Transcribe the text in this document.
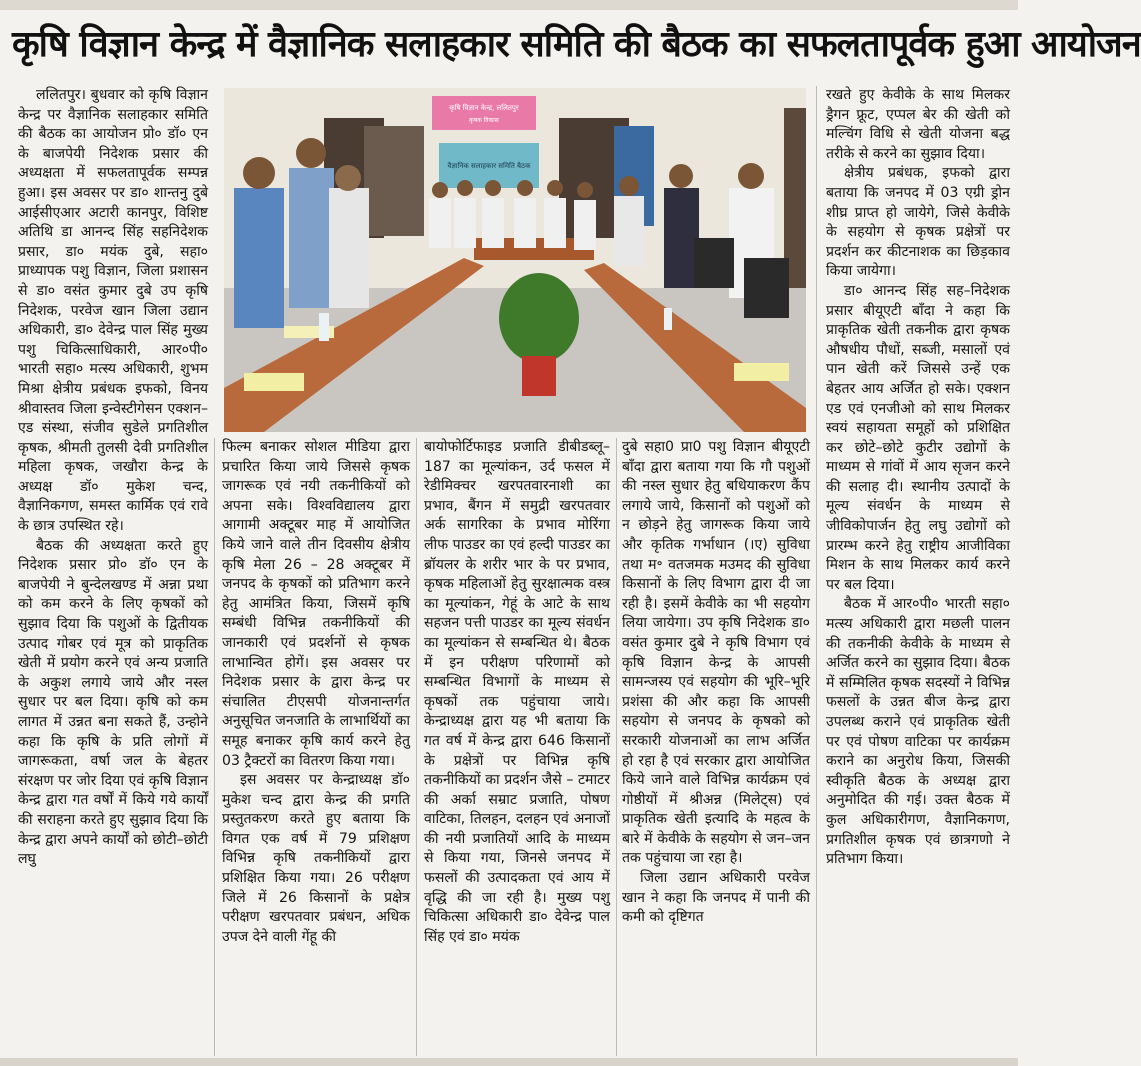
कृषि विज्ञान केन्द्र में वैज्ञानिक सलाहकार समिति की बैठक का सफलतापूर्वक हुआ आयोजन
कृषि विज्ञान केन्द्र, ललितपुर
कृषक विकास
वैज्ञानिक सलाहकार समिति बैठक

ललितपुर। बुधवार को कृषि विज्ञान केन्द्र पर वैज्ञानिक सलाहकार समिति की बैठक का आयोजन प्रो० डॉ० एन के बाजपेयी निदेशक प्रसार की अध्यक्षता में सफलतापूर्वक सम्पन्न हुआ। इस अवसर पर डा० शान्तनु दुबे आईसीएआर अटारी कानपुर, विशिष्ट अतिथि डा आनन्द सिंह सहनिदेशक प्रसार, डा० मयंक दुबे, सहा० प्राध्यापक पशु विज्ञान, जिला प्रशासन से डा० वसंत कुमार दुबे उप कृषि निदेशक, परवेज खान जिला उद्यान अधिकारी, डा० देवेन्द्र पाल सिंह मुख्य पशु चिकित्साधिकारी, आर०पी० भारती सहा० मत्स्य अधिकारी, शुभम मिश्रा क्षेत्रीय प्रबंधक इफको, विनय श्रीवास्तव जिला इन्वेस्टीगेसन एक्शन–एड संस्था, संजीव सुडेले प्रगतिशील कृषक, श्रीमती तुलसी देवी प्रगतिशील महिला कृषक, जखौरा केन्द्र के अध्यक्ष डॉ० मुकेश चन्द, वैज्ञानिकगण, समस्त कार्मिक एवं रावे के छात्र उपस्थित रहे।

बैठक की अध्यक्षता करते हुए निदेशक प्रसार प्रो० डॉ० एन के बाजपेयी ने बुन्देलखण्ड में अन्ना प्रथा को कम करने के लिए कृषकों को सुझाव दिया कि पशुओं के द्वितीयक उत्पाद गोबर एवं मूत्र को प्राकृतिक खेती में प्रयोग करने एवं अन्य प्रजाति के अकुश लगाये जाये और नस्ल सुधार पर बल दिया। कृषि को कम लागत में उन्नत बना सकते हैं, उन्होने कहा कि कृषि के प्रति लोगों में जागरूकता, वर्षा जल के बेहतर संरक्षण पर जोर दिया एवं कृषि विज्ञान केन्द्र द्वारा गत वर्षों में किये गये कार्यों की सराहना करते हुए सुझाव दिया कि केन्द्र द्वारा अपने कार्यों को छोटी–छोटी लघु

फिल्म बनाकर सोशल मीडिया द्वारा प्रचारित किया जाये जिससे कृषक जागरूक एवं नयी तकनीकियों को अपना सके। विश्वविद्यालय द्वारा आगामी अक्टूबर माह में आयोजित किये जाने वाले तीन दिवसीय क्षेत्रीय कृषि मेला 26 – 28 अक्टूबर में जनपद के कृषकों को प्रतिभाग करने हेतु आमंत्रित किया, जिसमें कृषि सम्बंधी विभिन्न तकनीकियों की जानकारी एवं प्रदर्शनों से कृषक लाभान्वित होगें। इस अवसर पर निदेशक प्रसार के द्वारा केन्द्र पर संचालित टीएसपी योजनान्तर्गत अनुसूचित जनजाति के लाभार्थियों का समूह बनाकर कृषि कार्य करने हेतु 03 ट्रैक्टरों का वितरण किया गया।

इस अवसर पर केन्द्राध्यक्ष डॉ० मुकेश चन्द द्वारा केन्द्र की प्रगति प्रस्तुतकरण करते हुए बताया कि विगत एक वर्ष में 79 प्रशिक्षण विभिन्न कृषि तकनीकियों द्वारा प्रशिक्षित किया गया। 26 परीक्षण जिले में 26 किसानों के प्रक्षेत्र परीक्षण खरपतवार प्रबंधन, अधिक उपज देने वाली गेंहू की

बायोफोर्टिफाइड प्रजाति डीबीडब्लू–187 का मूल्यांकन, उर्द फसल में रेडीमिक्चर खरपतवारनाशी का प्रभाव, बैंगन में समुद्री खरपतवार अर्क सागरिका के प्रभाव मोरिंगा लीफ पाउडर का एवं हल्दी पाउडर का ब्रॉयलर के शरीर भार के पर प्रभाव, कृषक महिलाओं हेतु सुरक्षात्मक वस्त्र का मूल्यांकन, गेहूं के आटे के साथ सहजन पत्ती पाउडर का मूल्य संवर्धन का मूल्यांकन से सम्बन्धित थे। बैठक में इन परीक्षण परिणामों को सम्बन्धित विभागों के माध्यम से कृषकों तक पहुंचाया जाये। केन्द्राध्यक्ष द्वारा यह भी बताया कि गत वर्ष में केन्द्र द्वारा 646 किसानों के प्रक्षेत्रों पर विभिन्न कृषि तकनीकियों का प्रदर्शन जैसे – टमाटर की अर्का सम्राट प्रजाति, पोषण वाटिका, तिलहन, दलहन एवं अनाजों की नयी प्रजातियों आदि के माध्यम से किया गया, जिनसे जनपद में फसलों की उत्पादकता एवं आय में वृद्धि की जा रही है। मुख्य पशु चिकित्सा अधिकारी डा० देवेन्द्र पाल सिंह एवं डा० मयंक

दुबे सहा0 प्रा0 पशु विज्ञान बीयूएटी बाँदा द्वारा बताया गया कि गौ पशुओं की नस्ल सुधार हेतु बधियाकरण कैंप लगाये जाये, किसानों को पशुओं को न छोड़ने हेतु जागरूक किया जाये और कृतिक गर्भाधान (।ए) सुविधा तथा म॰ वतजमक मउमद की सुविधा किसानों के लिए विभाग द्वारा दी जा रही है। इसमें केवीके का भी सहयोग लिया जायेगा। उप कृषि निदेशक डा० वसंत कुमार दुबे ने कृषि विभाग एवं कृषि विज्ञान केन्द्र के आपसी सामन्जस्य एवं सहयोग की भूरि–भूरि प्रशंसा की और कहा कि आपसी सहयोग से जनपद के कृषको को सरकारी योजनाओं का लाभ अर्जित हो रहा है एवं सरकार द्वारा आयोजित किये जाने वाले विभिन्न कार्यक्रम एवं गोष्ठीयों में श्रीअन्न (मिलेट्स) एवं प्राकृतिक खेती इत्यादि के महत्व के बारे में केवीके के सहयोग से जन–जन तक पहुंचाया जा रहा है।

जिला उद्यान अधिकारी परवेज खान ने कहा कि जनपद में पानी की कमी को दृष्टिगत

रखते हुए केवीके के साथ मिलकर ड्रैगन फ्रूट, एप्पल बेर की खेती को मल्चिंग विधि से खेती योजना बद्ध तरीके से करने का सुझाव दिया।

क्षेत्रीय प्रबंधक, इफको द्वारा बताया कि जनपद में 03 एग्री ड्रोन शीघ्र प्राप्त हो जायेगे, जिसे केवीके के सहयोग से कृषक प्रक्षेत्रों पर प्रदर्शन कर कीटनाशक का छिड़काव किया जायेगा।

डा० आनन्द सिंह सह–निदेशक प्रसार बीयूएटी बाँदा ने कहा कि प्राकृतिक खेती तकनीक द्वारा कृषक औषधीय पौधों, सब्जी, मसालों एवं पान खेती करें जिससे उन्हें एक बेहतर आय अर्जित हो सके। एक्शन एड एवं एनजीओ को साथ मिलकर स्वयं सहायता समूहों को प्रशिक्षित कर छोटे–छोटे कुटीर उद्योगों के माध्यम से गांवों में आय सृजन करने की सलाह दी। स्थानीय उत्पादों के मूल्य संवर्धन के माध्यम से जीविकोपार्जन हेतु लघु उद्योगों को प्रारम्भ करने हेतु राष्ट्रीय आजीविका मिशन के साथ मिलकर कार्य करने पर बल दिया।

बैठक में आर०पी० भारती सहा० मत्स्य अधिकारी द्वारा मछली पालन की तकनीकी केवीके के माध्यम से अर्जित करने का सुझाव दिया। बैठक में सम्मिलित कृषक सदस्यों ने विभिन्न फसलों के उन्नत बीज केन्द्र द्वारा उपलब्ध कराने एवं प्राकृतिक खेती पर एवं पोषण वाटिका पर कार्यक्रम कराने का अनुरोध किया, जिसकी स्वीकृति बैठक के अध्यक्ष द्वारा अनुमोदित की गई। उक्त बैठक में कुल अधिकारीगण, वैज्ञानिकगण, प्रगतिशील कृषक एवं छात्रगणो ने प्रतिभाग किया।
